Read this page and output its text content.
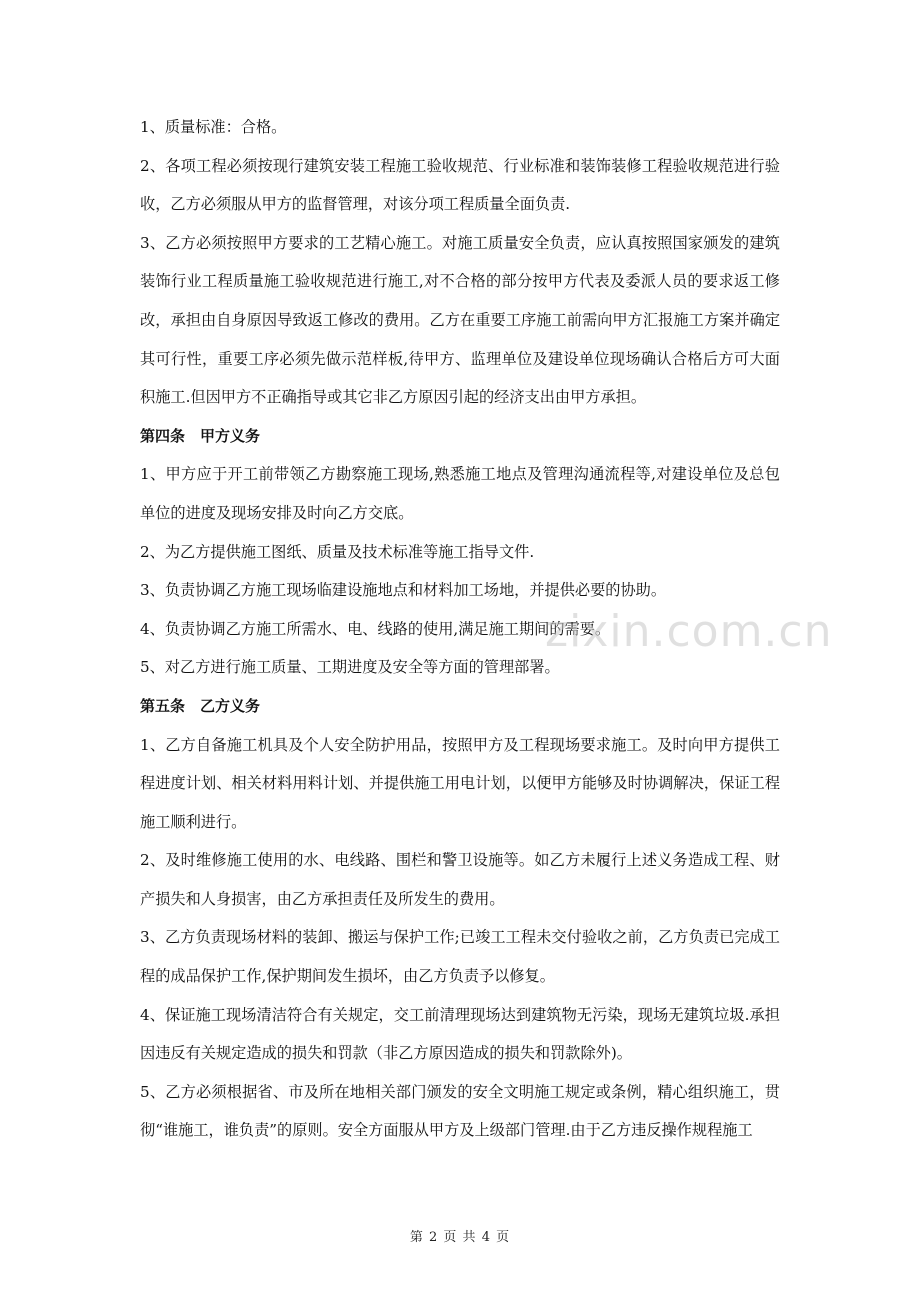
1、质量标准：合格。

2、各项工程必须按现行建筑安装工程施工验收规范、行业标准和装饰装修工程验收规范进行验收，乙方必须服从甲方的监督管理，对该分项工程质量全面负责.

3、乙方必须按照甲方要求的工艺精心施工。对施工质量安全负责，应认真按照国家颁发的建筑装饰行业工程质量施工验收规范进行施工,对不合格的部分按甲方代表及委派人员的要求返工修改，承担由自身原因导致返工修改的费用。乙方在重要工序施工前需向甲方汇报施工方案并确定其可行性，重要工序必须先做示范样板,待甲方、监理单位及建设单位现场确认合格后方可大面积施工.但因甲方不正确指导或其它非乙方原因引起的经济支出由甲方承担。

第四条　甲方义务

1、甲方应于开工前带领乙方勘察施工现场,熟悉施工地点及管理沟通流程等,对建设单位及总包单位的进度及现场安排及时向乙方交底。

2、为乙方提供施工图纸、质量及技术标准等施工指导文件.

3、负责协调乙方施工现场临建设施地点和材料加工场地，并提供必要的协助。

4、负责协调乙方施工所需水、电、线路的使用,满足施工期间的需要。

5、对乙方进行施工质量、工期进度及安全等方面的管理部署。

第五条　乙方义务

1、乙方自备施工机具及个人安全防护用品，按照甲方及工程现场要求施工。及时向甲方提供工程进度计划、相关材料用料计划、并提供施工用电计划，以便甲方能够及时协调解决，保证工程施工顺利进行。

2、及时维修施工使用的水、电线路、围栏和警卫设施等。如乙方未履行上述义务造成工程、财产损失和人身损害，由乙方承担责任及所发生的费用。

3、乙方负责现场材料的装卸、搬运与保护工作;已竣工工程未交付验收之前，乙方负责已完成工程的成品保护工作,保护期间发生损坏，由乙方负责予以修复。

4、保证施工现场清洁符合有关规定，交工前清理现场达到建筑物无污染，现场无建筑垃圾.承担因违反有关规定造成的损失和罚款（非乙方原因造成的损失和罚款除外)。

5、乙方必须根据省、市及所在地相关部门颁发的安全文明施工规定或条例，精心组织施工，贯彻“谁施工，谁负责”的原则。安全方面服从甲方及上级部门管理.由于乙方违反操作规程施工

zixin.com.cn
第 2 页 共 4 页
